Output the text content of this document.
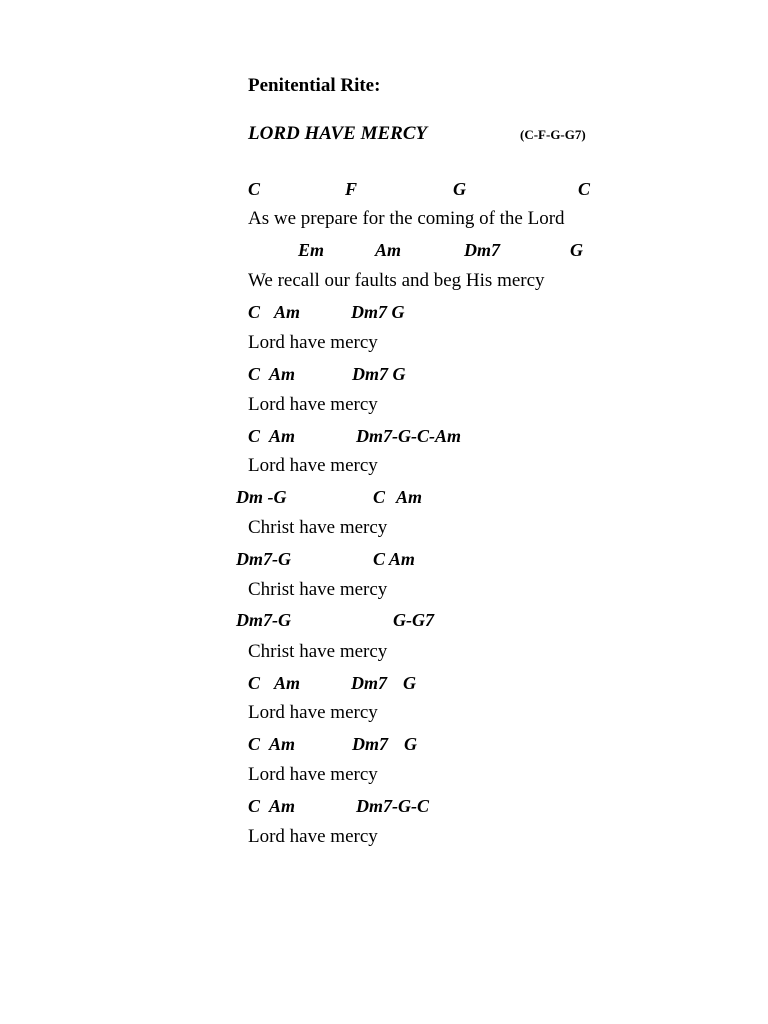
Penitential Rite:
LORD HAVE MERCY	(C-F-G-G7)
C	F	G	C
As we prepare for the coming of the Lord
Em	Am	Dm7	G
We recall our faults and beg His mercy
C Am	Dm7 G
Lord have mercy
C Am	Dm7 G
Lord have mercy
C Am	Dm7-G-C-Am
Lord have mercy
Dm -G	C Am
Christ have mercy
Dm7-G	C Am
Christ have mercy
Dm7-G	G-G7
Christ have mercy
C Am	Dm7 G
Lord have mercy
C Am	Dm7 G
Lord have mercy
C Am	Dm7-G-C
Lord have mercy
